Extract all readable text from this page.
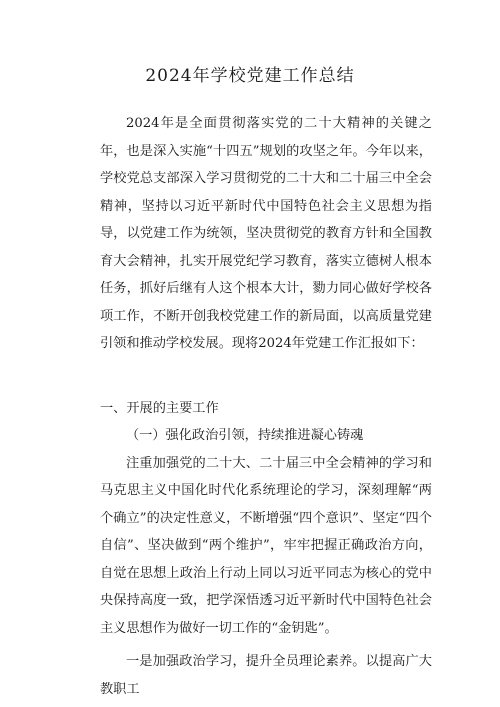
2024年学校党建工作总结

2024年是全面贯彻落实党的二十大精神的关键之年，也是深入实施“十四五”规划的攻坚之年。今年以来，学校党总支部深入学习贯彻党的二十大和二十届三中全会精神，坚持以习近平新时代中国特色社会主义思想为指导，以党建工作为统领，坚决贯彻党的教育方针和全国教育大会精神，扎实开展党纪学习教育，落实立德树人根本任务，抓好后继有人这个根本大计，勠力同心做好学校各项工作，不断开创我校党建工作的新局面，以高质量党建引领和推动学校发展。现将2024年党建工作汇报如下：

一、开展的主要工作

（一）强化政治引领，持续推进凝心铸魂

注重加强党的二十大、二十届三中全会精神的学习和马克思主义中国化时代化系统理论的学习，深刻理解“两个确立”的决定性意义，不断增强“四个意识”、坚定“四个自信”、坚决做到“两个维护”，牢牢把握正确政治方向，自觉在思想上政治上行动上同以习近平同志为核心的党中央保持高度一致，把学深悟透习近平新时代中国特色社会主义思想作为做好一切工作的“金钥匙”。

一是加强政治学习，提升全员理论素养。以提高广大教职工
